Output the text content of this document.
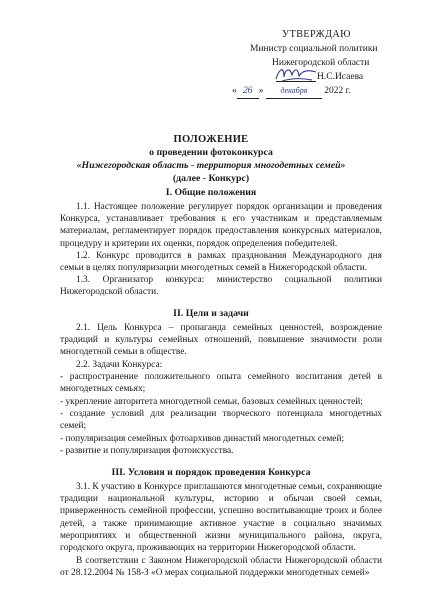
УТВЕРЖДАЮ
Министр социальной политики
Нижегородской области
Н.С.Исаева
« 26 » декабря 2022 г.
ПОЛОЖЕНИЕ
о проведении фотоконкурса
«Нижегородская область - территория многодетных семей»
(далее - Конкурс)
I. Общие положения
1.1. Настоящее положение регулирует порядок организации и проведения Конкурса, устанавливает требования к его участникам и представляемым материалам, регламентирует порядок предоставления конкурсных материалов, процедуру и критерии их оценки, порядок определения победителей.
1.2. Конкурс проводится в рамках празднования Международного дня семьи в целях популяризации многодетных семей в Нижегородской области.
1.3. Организатор конкурса: министерство социальной политики Нижегородской области.
II. Цели и задачи
2.1. Цель Конкурса – пропаганда семейных ценностей, возрождение традиций и культуры семейных отношений, повышение значимости роли многодетной семьи в обществе.
2.2. Задачи Конкурса:
- распространение положительного опыта семейного воспитания детей в многодетных семьях;
- укрепление авторитета многодетной семьи, базовых семейных ценностей;
- создание условий для реализации творческого потенциала многодетных семей;
- популяризация семейных фотоархивов династий многодетных семей;
- развитие и популяризация фотоискусства.
III. Условия и порядок проведения Конкурса
3.1. К участию в Конкурсе приглашаются многодетные семьи, сохраняющие традиции национальной культуры, историю и обычаи своей семьи, приверженность семейной профессии, успешно воспитывающие троих и более детей, а также принимающие активное участие в социально значимых мероприятиях и общественной жизни муниципального района, округа, городского округа, проживающих на территории Нижегородской области.
В соответствии с Законом Нижегородской области Нижегородской области от 28.12.2004 № 158-З «О мерах социальной поддержки многодетных семей»
